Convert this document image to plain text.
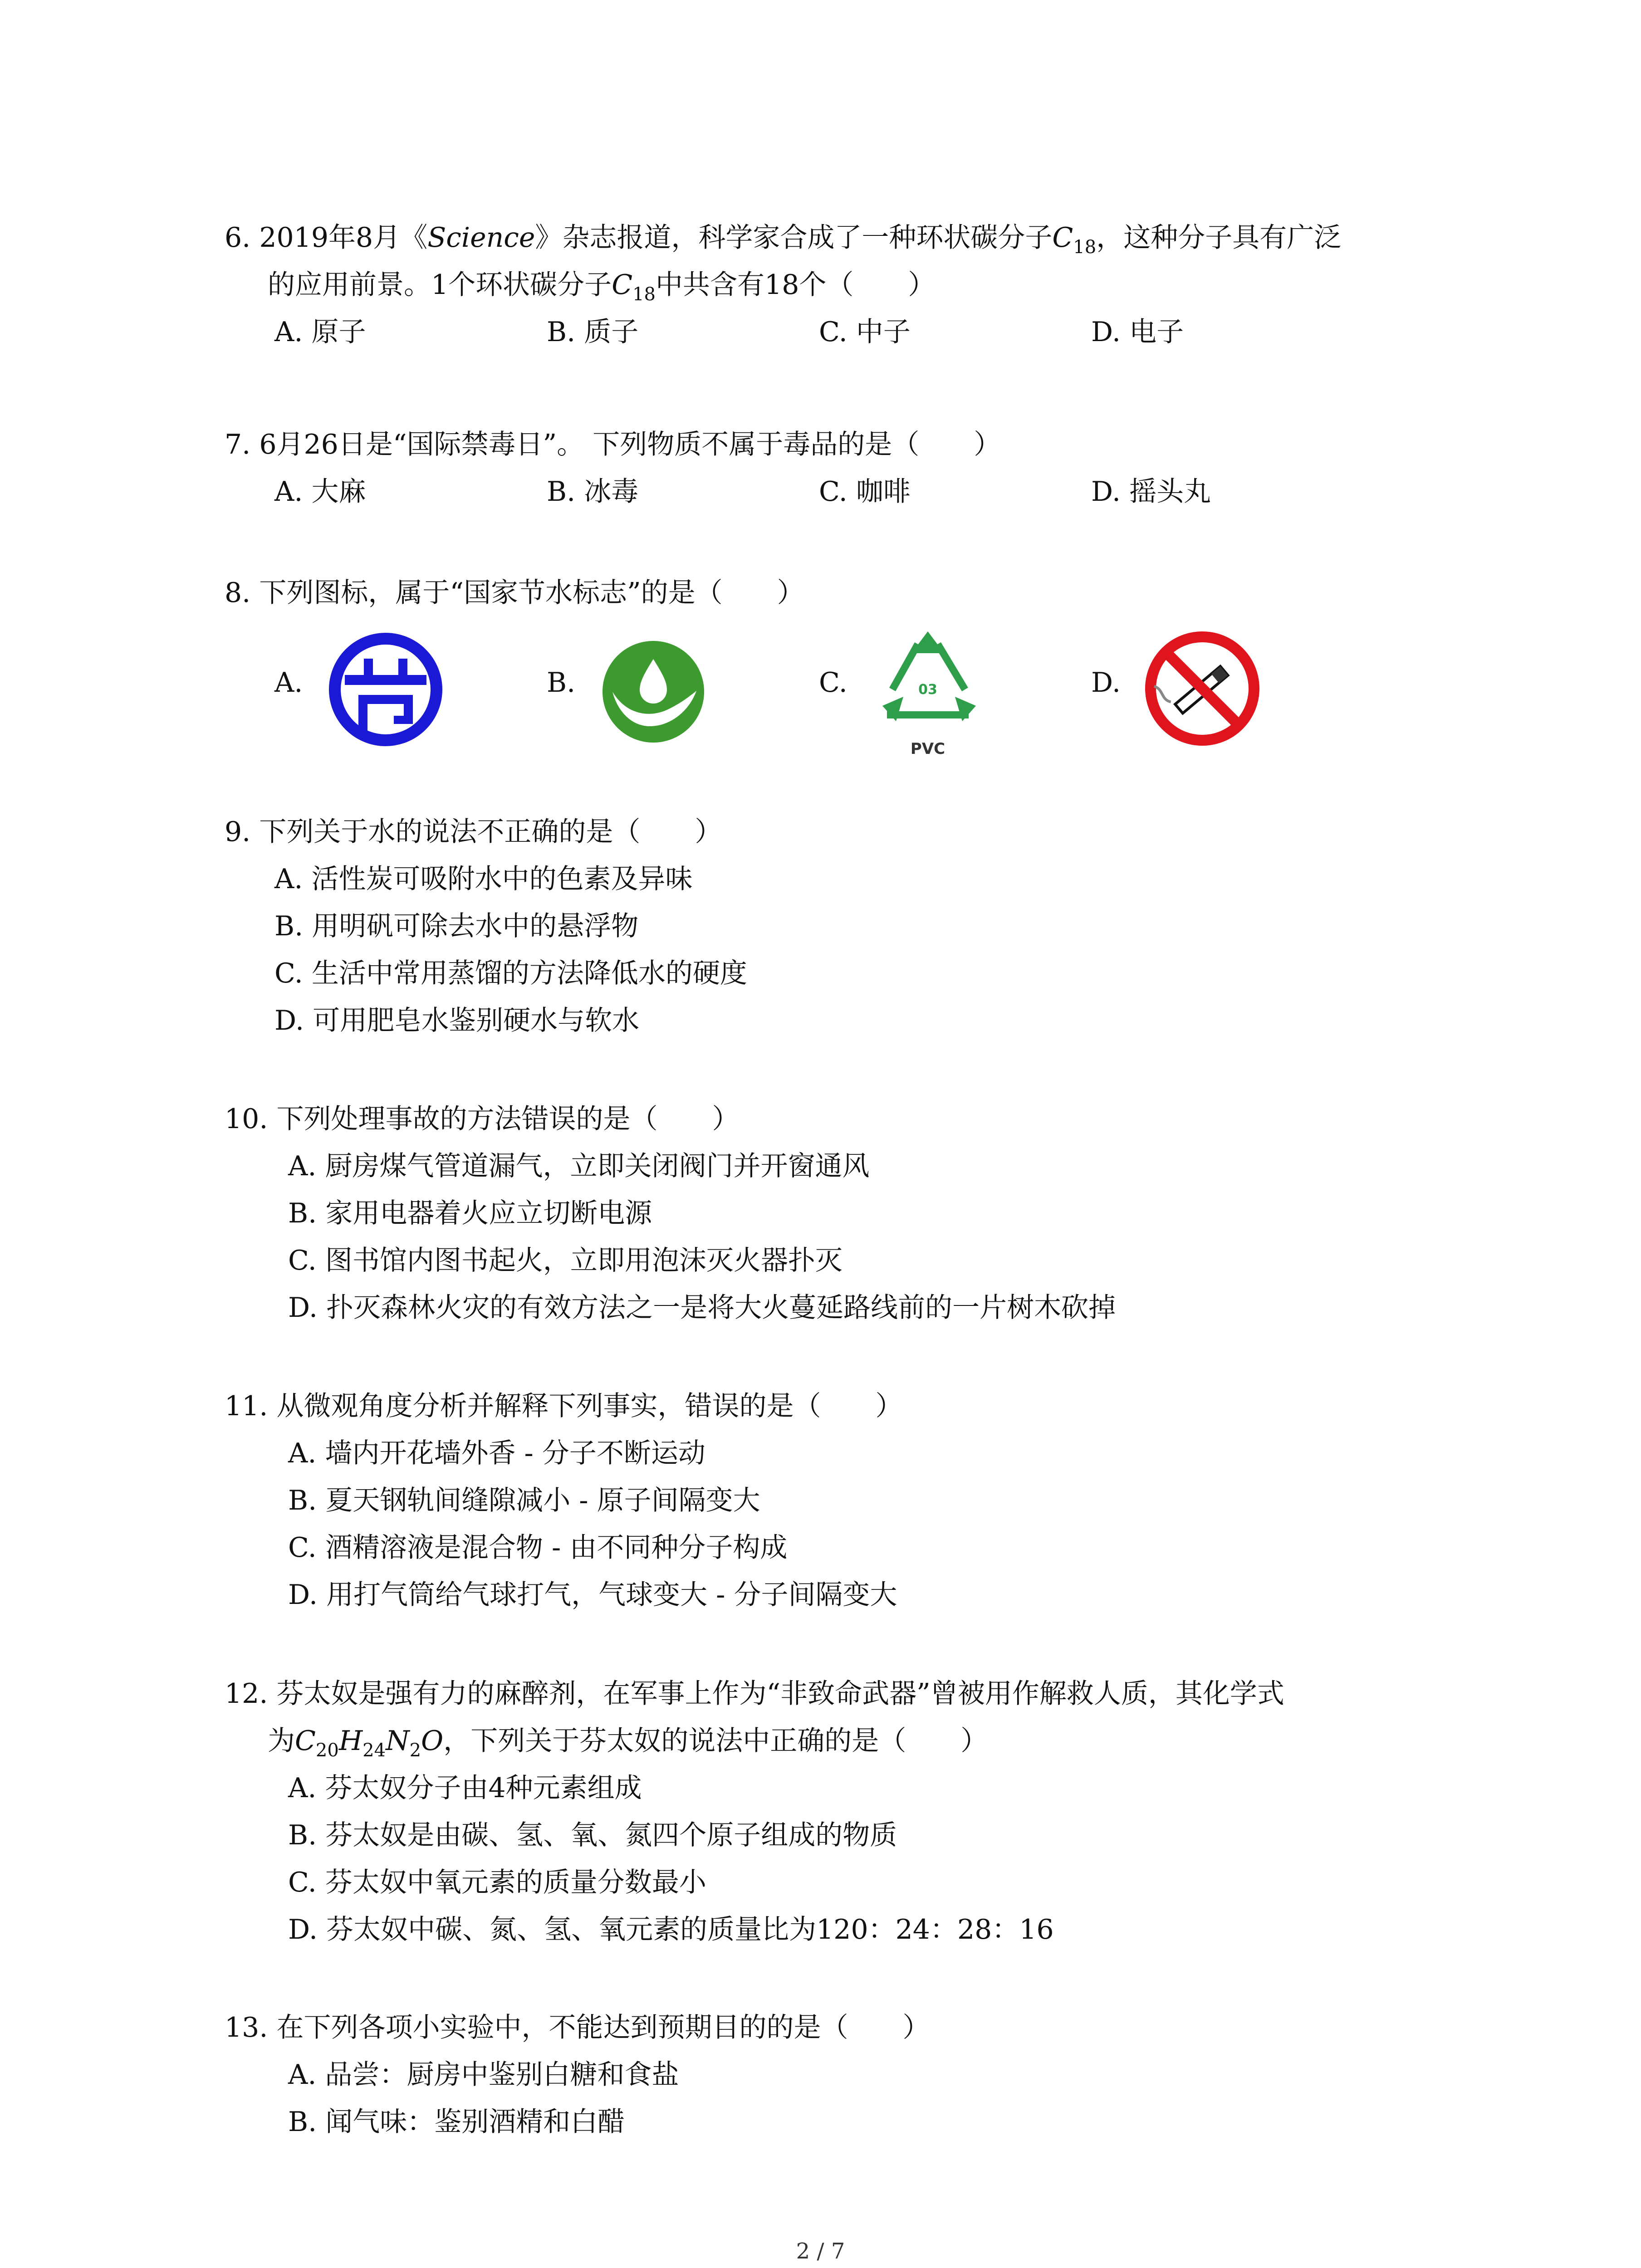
6. 2019年8月《Science》杂志报道，科学家合成了一种环状碳分子$C_{18}$，这种分子具有广泛

的应用前景。1个环状碳分子$C_{18}$中共含有18个（　　）

A. 原子	B. 质子	C. 中子	D. 电子

7. 6月26日是“国际禁毒日”。 下列物质不属于毒品的是（　　）

A. 大麻	B. 冰毒	C. 咖啡	D. 摇头丸

8. 下列图标，属于“国家节水标志”的是（　　）

A.	B.	C.	03
PVC
D.

9. 下列关于水的说法不正确的是（　　）

A. 活性炭可吸附水中的色素及异味

B. 用明矾可除去水中的悬浮物

C. 生活中常用蒸馏的方法降低水的硬度

D. 可用肥皂水鉴别硬水与软水

10. 下列处理事故的方法错误的是（　　）

A. 厨房煤气管道漏气，立即关闭阀门并开窗通风

B. 家用电器着火应立切断电源

C. 图书馆内图书起火，立即用泡沫灭火器扑灭

D. 扑灭森林火灾的有效方法之一是将大火蔓延路线前的一片树木砍掉

11. 从微观角度分析并解释下列事实，错误的是（　　）

A. 墙内开花墙外香 - 分子不断运动

B. 夏天钢轨间缝隙减小 - 原子间隔变大

C. 酒精溶液是混合物 - 由不同种分子构成

D. 用打气筒给气球打气，气球变大 - 分子间隔变大

12. 芬太奴是强有力的麻醉剂，在军事上作为“非致命武器”曾被用作解救人质，其化学式

为$C_{20}H_{24}N_2O$，下列关于芬太奴的说法中正确的是（　　）

A. 芬太奴分子由4种元素组成

B. 芬太奴是由碳、氢、氧、氮四个原子组成的物质

C. 芬太奴中氧元素的质量分数最小

D. 芬太奴中碳、氮、氢、氧元素的质量比为120：24：28：16

13. 在下列各项小实验中，不能达到预期目的的是（　　）

A. 品尝：厨房中鉴别白糖和食盐

B. 闻气味：鉴别酒精和白醋

2 / 7
